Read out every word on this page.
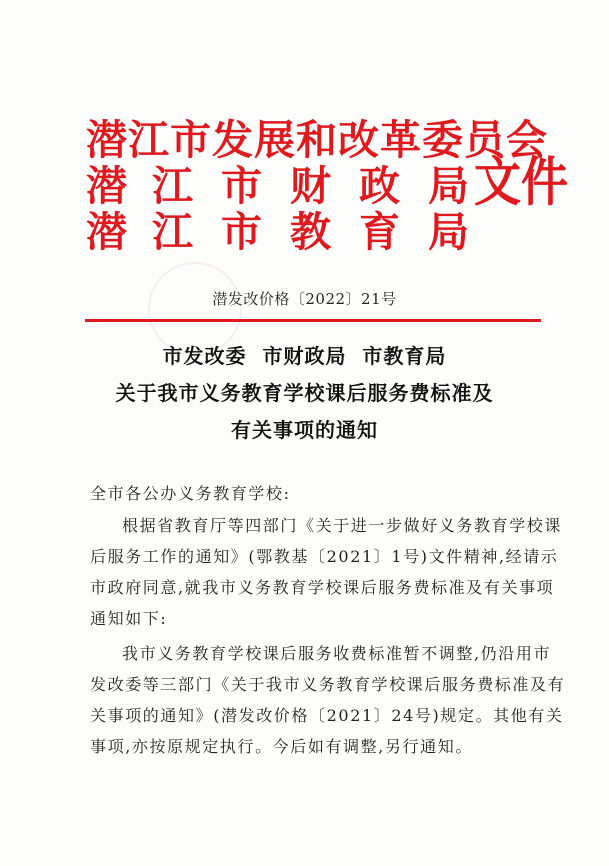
潜江市发展和改革委员会
潜 江 市 财 政 局
潜 江 市 教 育 局
文件
潜发改价格〔2022〕21号
市发改委  市财政局  市教育局
关于我市义务教育学校课后服务费标准及
有关事项的通知
全市各公办义务教育学校:
根据省教育厅等四部门《关于进一步做好义务教育学校课
后服务工作的通知》(鄂教基〔2021〕1号)文件精神,经请示
市政府同意,就我市义务教育学校课后服务费标准及有关事项
通知如下:
我市义务教育学校课后服务收费标准暂不调整,仍沿用市
发改委等三部门《关于我市义务教育学校课后服务费标准及有
关事项的通知》(潜发改价格〔2021〕24号)规定。其他有关
事项,亦按原规定执行。今后如有调整,另行通知。
